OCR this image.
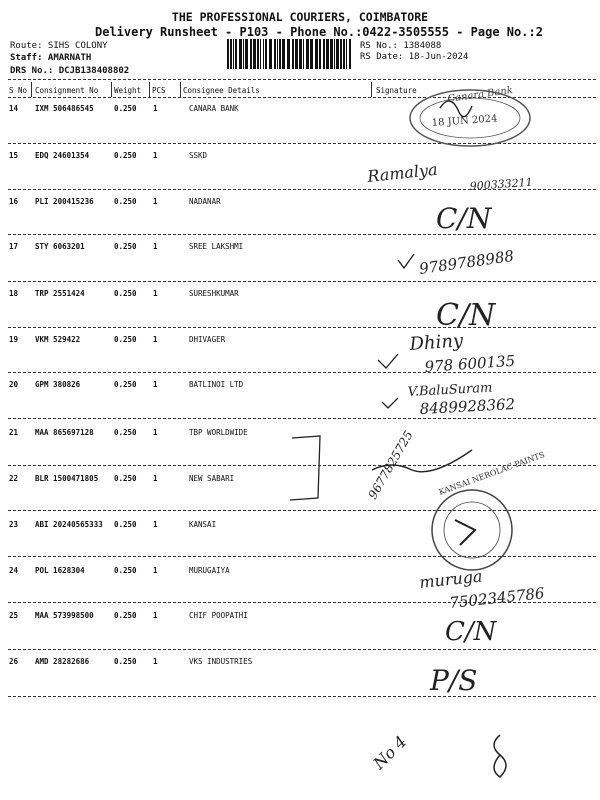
THE PROFESSIONAL COURIERS, COIMBATORE
Delivery Runsheet - P103 - Phone No.:0422-3505555 - Page No.:2
Route: SIHS COLONY
Staff: AMARNATH
DRS No.: DCJB138408802
RS No.: 1384088
RS Date: 18-Jun-2024
S No Consignment No Weight PCS Consignee Details	Signature
14 IXM 506486545	0.250 1	CANARA BANK
15 EDQ 24601354	0.250 1	SSKD
16 PLI 200415236	0.250 1	NADANAR
17 STY 6063201	0.250 1	SREE LAKSHMI
18 TRP 2551424	0.250 1	SURESHKUMAR
19 VKM 529422	0.250 1	DHIVAGER
20 GPM 380826	0.250 1	BATLINOI LTD
21 MAA 865697128	0.250 1	TBP WORLDWIDE
22 BLR 1500471805 0.250 1	NEW SABARI
23 ABI 20240565333 0.250 1	KANSAI
24 POL 1628304	0.250 1	MURUGAIYA
25 MAA 573998500	0.250 1	CHIF POOPATHI
26 AMD 28282686	0.250 1	VKS INDUSTRIES
Canara Bank
18 JUN 2024
Ramalya	900333211
C/N
9789788988
C/N
Dhiny
978 600135
V.BaluSuram
8489928362
9677825725
muruga
7502345786
C/N
P/S
No 4
KANSAI NEROLAC PAINTS
